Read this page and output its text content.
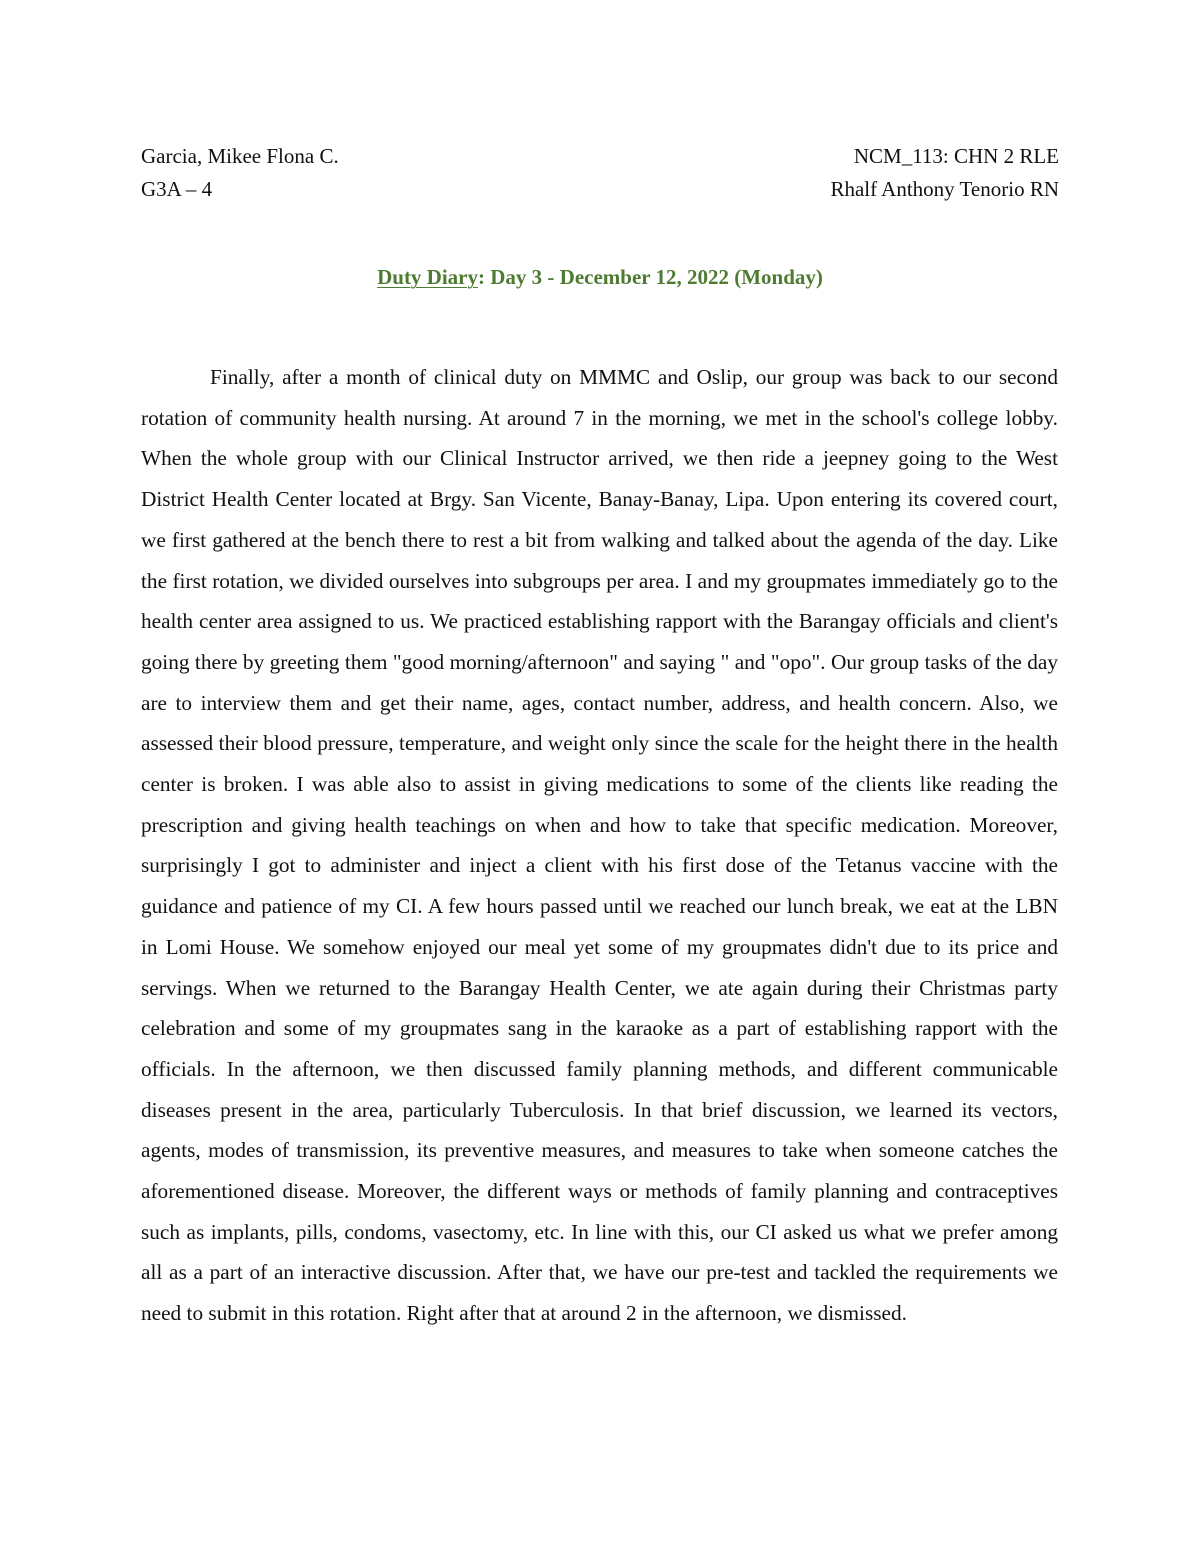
Garcia, Mikee Flona C.	NCM_113: CHN 2 RLE
G3A – 4	Rhalf Anthony Tenorio RN
Duty Diary: Day 3 - December 12, 2022 (Monday)

Finally, after a month of clinical duty on MMMC and Oslip, our group was back to our second rotation of community health nursing. At around 7 in the morning, we met in the school's college lobby. When the whole group with our Clinical Instructor arrived, we then ride a jeepney going to the West District Health Center located at Brgy. San Vicente, Banay-Banay, Lipa. Upon entering its covered court, we first gathered at the bench there to rest a bit from walking and talked about the agenda of the day. Like the first rotation, we divided ourselves into subgroups per area. I and my groupmates immediately go to the health center area assigned to us. We practiced establishing rapport with the Barangay officials and client's going there by greeting them "good morning/afternoon" and saying " and "opo". Our group tasks of the day are to interview them and get their name, ages, contact number, address, and health concern. Also, we assessed their blood pressure, temperature, and weight only since the scale for the height there in the health center is broken. I was able also to assist in giving medications to some of the clients like reading the prescription and giving health teachings on when and how to take that specific medication. Moreover, surprisingly I got to administer and inject a client with his first dose of the Tetanus vaccine with the guidance and patience of my CI. A few hours passed until we reached our lunch break, we eat at the LBN in Lomi House. We somehow enjoyed our meal yet some of my groupmates didn't due to its price and servings. When we returned to the Barangay Health Center, we ate again during their Christmas party celebration and some of my groupmates sang in the karaoke as a part of establishing rapport with the officials. In the afternoon, we then discussed family planning methods, and different communicable diseases present in the area, particularly Tuberculosis. In that brief discussion, we learned its vectors, agents, modes of transmission, its preventive measures, and measures to take when someone catches the aforementioned disease. Moreover, the different ways or methods of family planning and contraceptives such as implants, pills, condoms, vasectomy, etc. In line with this, our CI asked us what we prefer among all as a part of an interactive discussion. After that, we have our pre-test and tackled the requirements we need to submit in this rotation. Right after that at around 2 in the afternoon, we dismissed.
